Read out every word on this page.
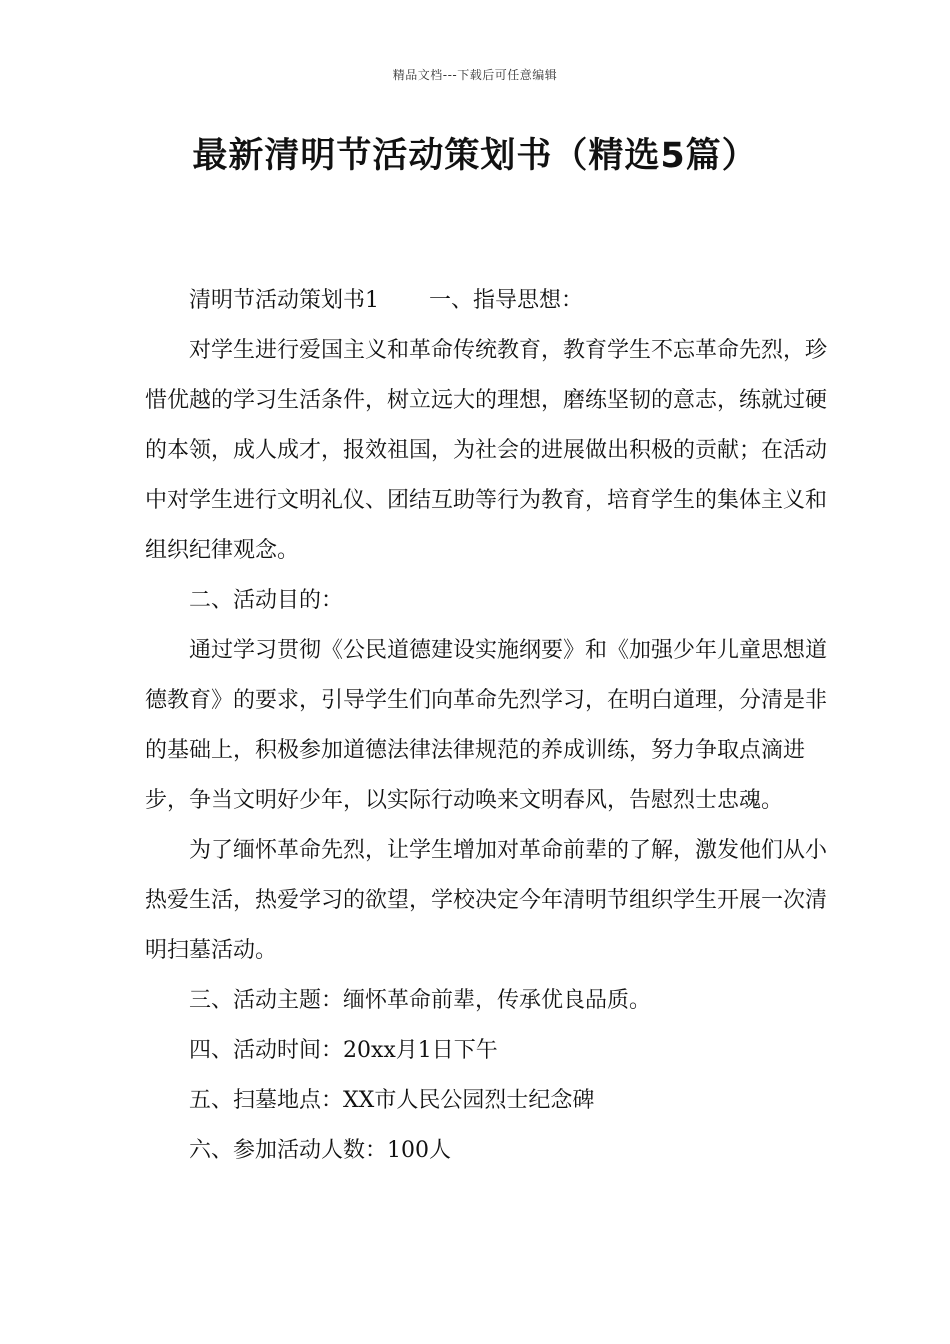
精品文档---下载后可任意编辑
最新清明节活动策划书（精选5篇）

清明节活动策划书1 一、指导思想：

对学生进行爱国主义和革命传统教育，教育学生不忘革命先烈，珍惜优越的学习生活条件，树立远大的理想，磨练坚韧的意志，练就过硬的本领，成人成才，报效祖国，为社会的进展做出积极的贡献；在活动中对学生进行文明礼仪、团结互助等行为教育，培育学生的集体主义和组织纪律观念。

二、活动目的：

通过学习贯彻《公民道德建设实施纲要》和《加强少年儿童思想道德教育》的要求，引导学生们向革命先烈学习，在明白道理，分清是非的基础上，积极参加道德法律法律规范的养成训练，努力争取点滴进步，争当文明好少年，以实际行动唤来文明春风，告慰烈士忠魂。

为了缅怀革命先烈，让学生增加对革命前辈的了解，激发他们从小热爱生活，热爱学习的欲望，学校决定今年清明节组织学生开展一次清明扫墓活动。

三、活动主题：缅怀革命前辈，传承优良品质。

四、活动时间：20xx月1日下午

五、扫墓地点：XX市人民公园烈士纪念碑

六、参加活动人数：100人
